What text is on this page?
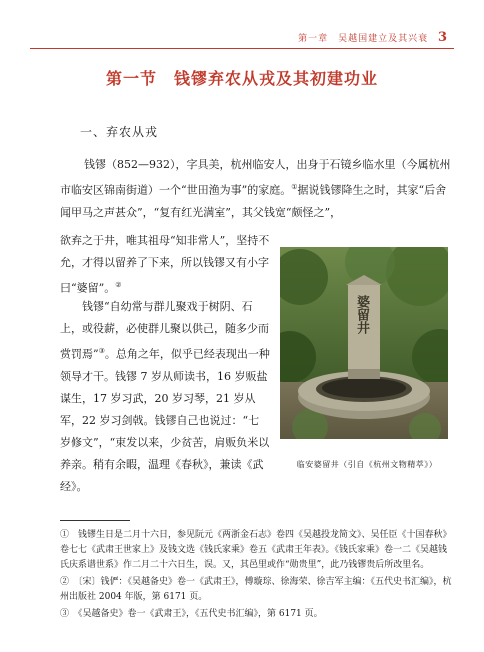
第一章　吴越国建立及其兴衰 3
第一节　钱镠弃农从戎及其初建功业
一、弃农从戎

钱镠（852—932），字具美，杭州临安人，出身于石镜乡临水里（今属杭州市临安区锦南街道）一个“世田渔为事”的家庭。①据说钱镠降生之时，其家“后舍闻甲马之声甚众”，“复有红光满室”，其父钱宽“颇怪之”，

欲弃之于井，唯其祖母“知非常人”，坚持不允，才得以留养了下来，所以钱镠又有小字曰“婆留”。②

钱镠“自幼常与群儿聚戏于树阴、石上，或役薪，必使群儿聚以供己，随多少而赏罚焉”③。总角之年，似乎已经表现出一种领导才干。钱镠 7 岁从师读书，16 岁贩盐谋生，17 岁习武，20 岁习琴，21 岁从军，22 岁习剑戟。钱镠自己也说过：“七岁修文”，“束发以来，少贫苦，肩贩负米以养亲。稍有余暇，温理《春秋》，兼读《武经》。

婆留井
临安婆留井（引自《杭州文物精萃》）

①　钱镠生日是二月十六日，参见阮元《两浙金石志》卷四《吴越投龙简文》、吴任臣《十国春秋》卷七七《武肃王世家上》及钱文选《钱氏家乘》卷五《武肃王年表》。《钱氏家乘》卷一二《吴越钱氏庆系谱世系》作二月二十六日生，误。又，其邑里或作“勋贵里”，此乃钱镠贵后所改里名。

②　〔宋〕钱俨：《吴越备史》卷一《武肃王》，傅璇琮、徐海荣、徐吉军主编：《五代史书汇编》，杭州出版社 2004 年版，第 6171 页。

③　《吴越备史》卷一《武肃王》，《五代史书汇编》，第 6171 页。
